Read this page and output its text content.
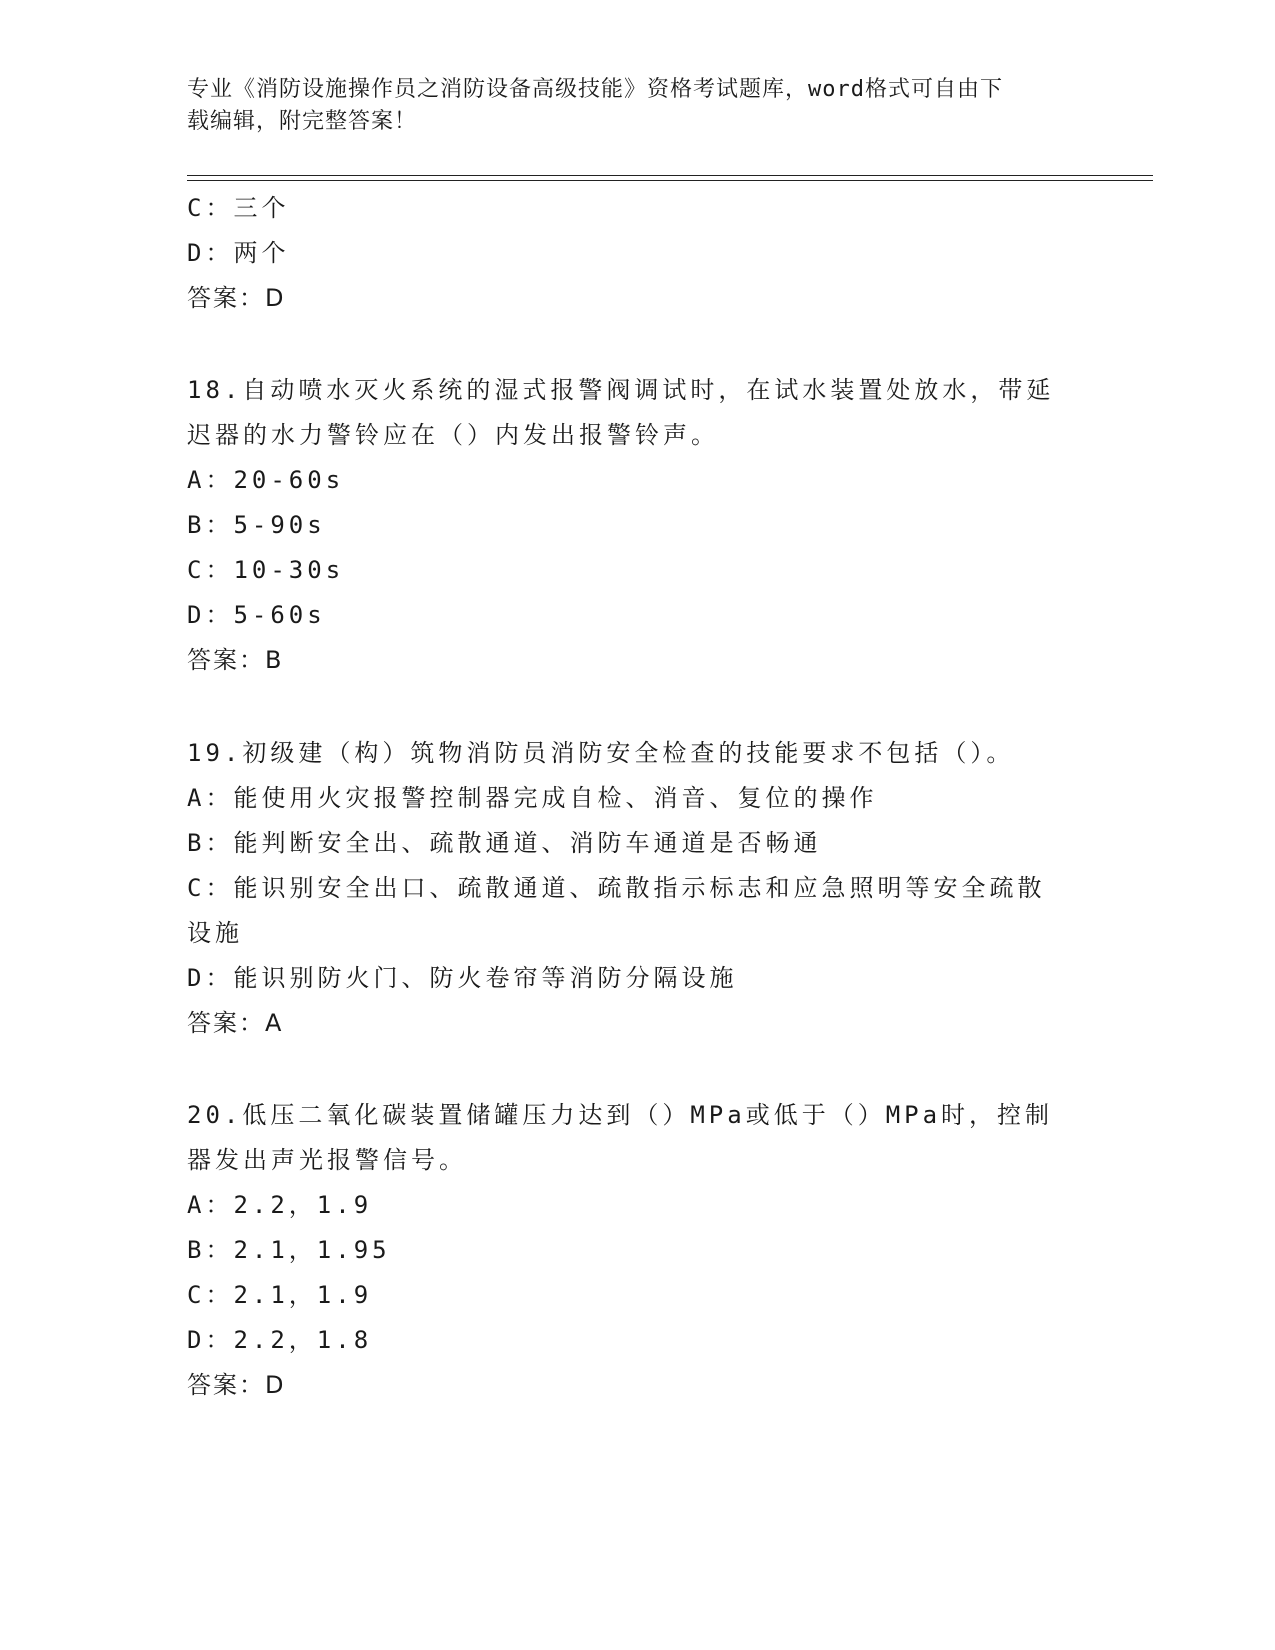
专业《消防设施操作员之消防设备高级技能》资格考试题库，word格式可自由下
载编辑，附完整答案！
C：三个
D：两个
答案：D
18.自动喷水灭火系统的湿式报警阀调试时，在试水装置处放水，带延
迟器的水力警铃应在（）内发出报警铃声。
A：20-60s
B：5-90s
C：10-30s
D：5-60s
答案：B
19.初级建（构）筑物消防员消防安全检查的技能要求不包括（）。
A：能使用火灾报警控制器完成自检、消音、复位的操作
B：能判断安全出、疏散通道、消防车通道是否畅通
C：能识别安全出口、疏散通道、疏散指示标志和应急照明等安全疏散
设施
D：能识别防火门、防火卷帘等消防分隔设施
答案：A
20.低压二氧化碳装置储罐压力达到（）MPa或低于（）MPa时，控制
器发出声光报警信号。
A：2.2，1.9
B：2.1，1.95
C：2.1，1.9
D：2.2，1.8
答案：D
